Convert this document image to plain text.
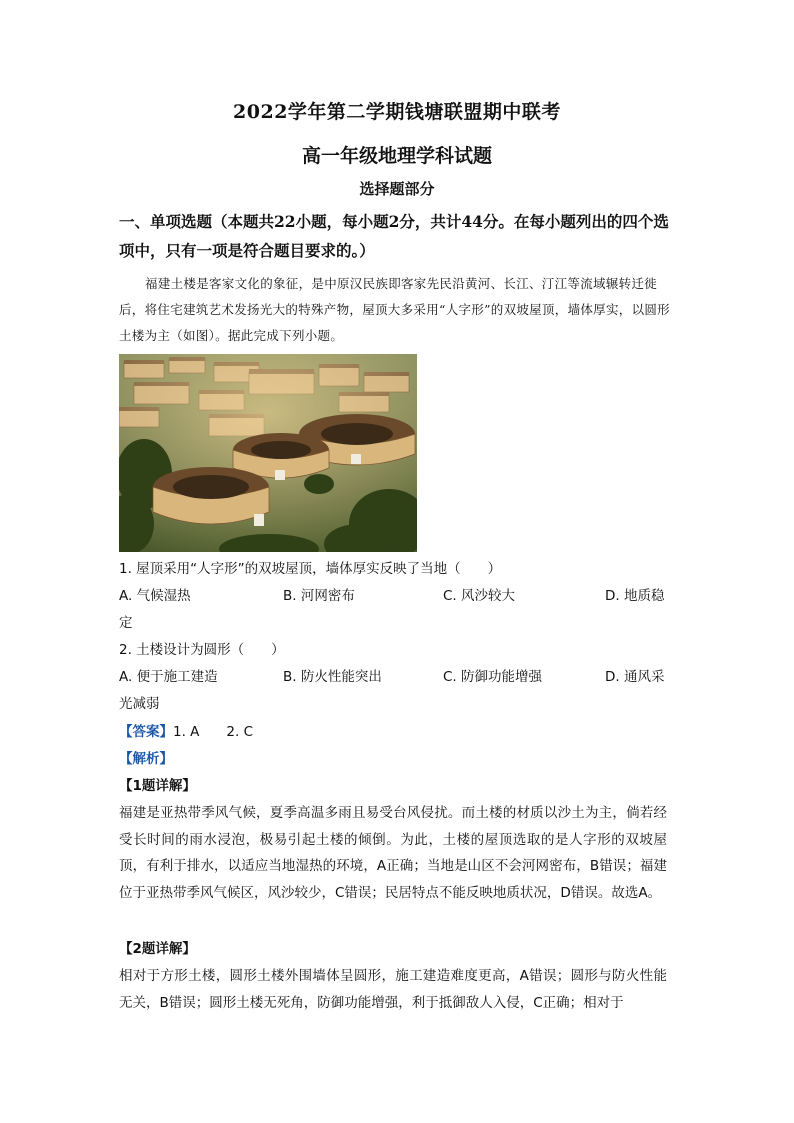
2022学年第二学期钱塘联盟期中联考
高一年级地理学科试题
选择题部分
一、单项选题（本题共22小题，每小题2分，共计44分。在每小题列出的四个选项中，只有一项是符合题目要求的。）
福建土楼是客家文化的象征，是中原汉民族即客家先民沿黄河、长江、汀江等流域辗转迁徙后，将住宅建筑艺术发扬光大的特殊产物，屋顶大多采用“人字形”的双坡屋顶，墙体厚实，以圆形土楼为主（如图）。据此完成下列小题。
1. 屋顶采用“人字形”的双坡屋顶，墙体厚实反映了当地（　　）
A. 气候湿热	B. 河网密布	C. 风沙较大	D. 地质稳
定
2. 土楼设计为圆形（　　）
A. 便于施工建造	B. 防火性能突出	C. 防御功能增强	D. 通风采
光减弱
【答案】1. A　　2. C
【解析】
【1题详解】
福建是亚热带季风气候，夏季高温多雨且易受台风侵扰。而土楼的材质以沙土为主，倘若经受长时间的雨水浸泡，极易引起土楼的倾倒。为此，土楼的屋顶选取的是人字形的双坡屋顶，有利于排水，以适应当地湿热的环境，A正确；当地是山区不会河网密布，B错误；福建位于亚热带季风气候区，风沙较少，C错误；民居特点不能反映地质状况，D错误。故选A。
【2题详解】
相对于方形土楼，圆形土楼外围墙体呈圆形，施工建造难度更高，A错误；圆形与防火性能无关，B错误；圆形土楼无死角，防御功能增强，利于抵御敌人入侵，C正确；相对于
